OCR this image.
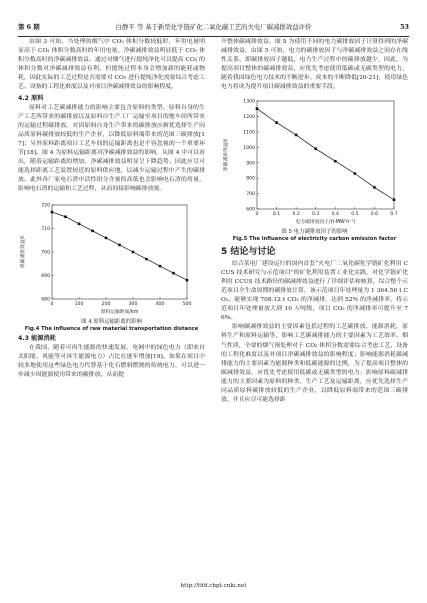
第 6 期	白静平 等 基于新型化学链矿化二氧化碳工艺的火电厂碳减排效益评价	53

由图 3 可知，当处理的烟气中 CO₂ 体积分数较低时，年用电量明显高于 CO₂ 体积分数高时的年用电量，净碳减排效益明显低于 CO₂ 体积分数高时的净碳减排效益。通过对烟气进行提纯净化可以提高 CO₂ 的体积分数对净碳减排效益有利，但提纯过程本身会增加新的能耗或物耗，因此实际的工艺过程是否需要对 CO₂ 进行提纯净化需要综合考虑工艺、设备的工程化难度以及对项目净碳减排效益的影响程度。

4.2 原料

原料对工艺碳减排能力的影响主要包含原料的类型、原料自身的生产工艺所带来的碳排放以及原料自生产工厂运输至项目的地车间所带来的运输过程碳排放。对因原料自身生产带来的碳排放应摒优选择生产同品质原料碳排放较低的生产企业，以降低原料端带来的范围三碳排放[17]；另外原料距离项目工艺车间的运输距离也是不容忽视的一个重要环节[18]。图 4 为原料运输距离对净碳减排效益的影响，从图 4 中可以看出，随着运输距离的增加，净碳减排效益明显呈下降趋势。因此应尽可能选择距离工艺装置较近的原料供应地，以减少运输过程中产生的碳排放。此外各厂家电石渣中活性组分含量的高低也会影响电石渣的用量，影响电石渣的运输和工艺过程，从而间接影响碳排放量。

0	100	200	300	400	500
680
690
700
710
720
原料运输距离/km
净碳减排效益/t
图 4 原料运输距离的影响
Fig.4 The influence of raw material transportation distance

4.3 能源消耗

在我国，随着可再生能源的快速发展，电网中的绿色电力（即来自太阳能、风能等可再生能源电力）占比在逐年增加[19]。如果在项目中较多地使用这些绿色电力代替基于化石燃料燃烧的传统电力，可以进一步减少因能源使用带来的碳排放，从而提

升整体碳减排效益。图 5 为使用不同的电力碳排放因子计算得到的净碳减排效益，由图 5 可知，电力的碳排放因子与净碳减排效益之间存在线性关系，即碳排放因子越低，电力生产过程中的碳排放越少，因此，为提高项目整体的碳减排效益，应优先考虑使用低碳或无碳类型的电力，随着我国绿色电力技术的不断进步、成本的不断降低[20-21]，使用绿色电力将成为提升项目碳减排效益的重要手段。

0	0.1	0.2	0.3	0.4	0.5	0.6	0.7
600
700
800
900
1000
1100
1200
1300
电力碳排放因子/(t·MW·h⁻¹)
净碳减排效益/t
图 5 电力碳排放因子的影响
Fig.5 The influence of electricity carbon emission factor

5 结论与讨论

结合某电厂建设运行的国内首套“火电厂二氧化碳化学链矿化利用 CCUS 技术研究与示范项目”的矿化利用装置工业化实践，对化学链矿化利用 CCUS 技术路径的碳减排效益进行了详细评估和核算，综合整个示范项目全生命周期的碳排放计算，该示范项目年处理量为 1 364.56 t CO₂，能够实现 708.12 t CO₂ 的净减排，达到 52% 的净减排率，将示范项目年处理量放大到 10 万吨级，项目 CO₂ 的净减排率可提升至 76%。

影响碳减排效益的主要因素包括过程的工艺碳排放、能源消耗、原料生产和原料运输等，影响工艺碳减排能力的主要因素为工艺效率、烟气性质，全要的烟气预处理对于 CO₂ 体积分数需要综合考虑工艺、设备的工程化难度以及对项目净碳减排效益的影响程度；影响能源消耗碳减排能力的主要因素为能源种类和低碳能源的比例，为了提高项目整体的碳减排效益，应优先考虑使用低碳或无碳类型的电力；影响原料碳减排能力的主要因素为原料的种类、生产工艺及运输距离，应优先选择生产同品质原料碳排放较低的生产企业，以降低原料端带来的范围三碳排放，并且应尽可能选择距

http://tifd.cbpt.cnki.net
